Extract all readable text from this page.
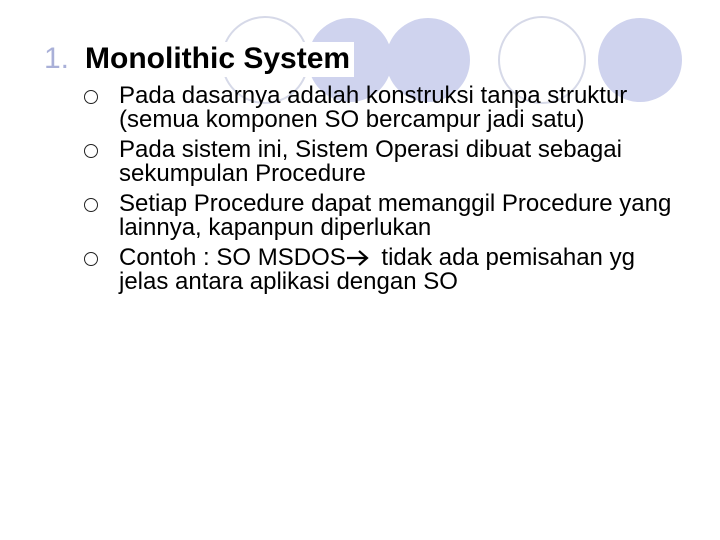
1. Monolithic System
Pada dasarnya adalah konstruksi tanpa struktur (semua komponen SO bercampur jadi satu)
Pada sistem ini, Sistem Operasi dibuat sebagai sekumpulan Procedure
Setiap Procedure dapat memanggil Procedure yang lainnya, kapanpun diperlukan
Contoh : SO MSDOS tidak ada pemisahan yg jelas antara aplikasi dengan SO
